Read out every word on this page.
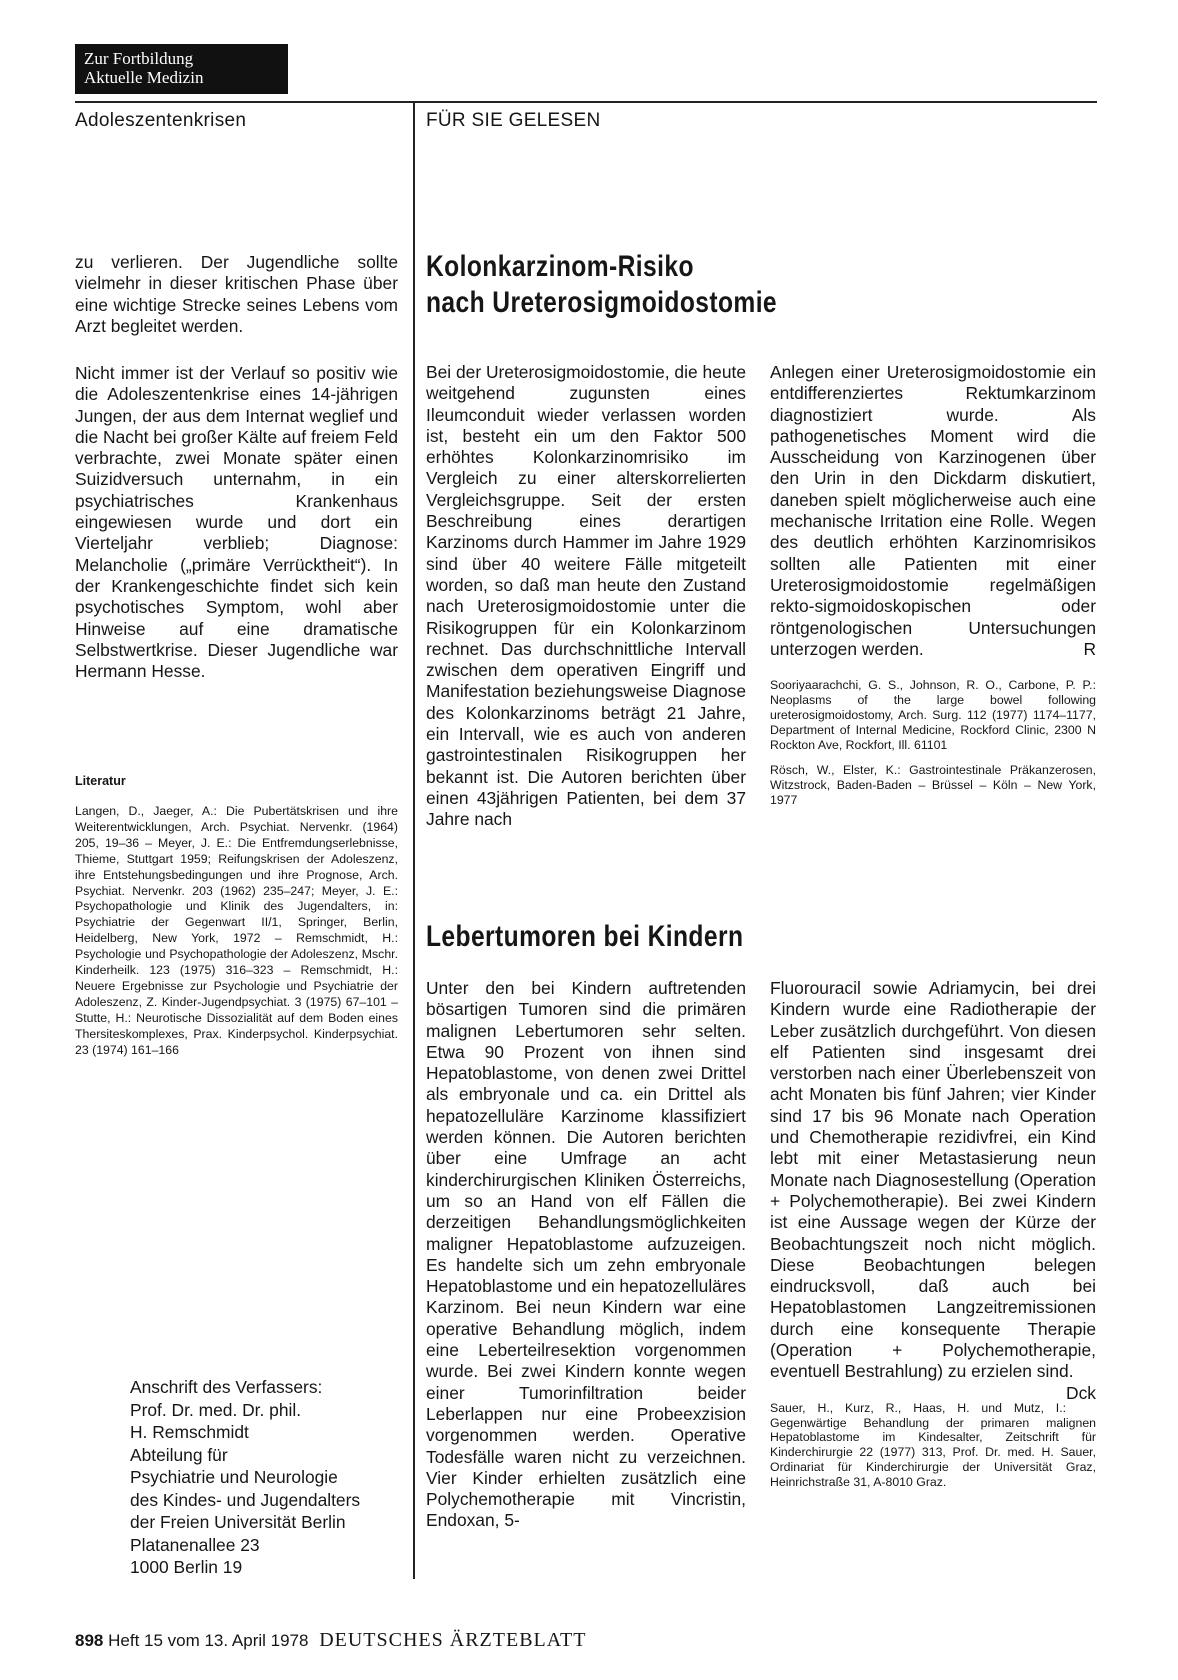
Zur Fortbildung
Aktuelle Medizin
Adoleszentenkrisen	FÜR SIE GELESEN

zu verlieren. Der Jugendliche sollte vielmehr in dieser kritischen Phase über eine wichtige Strecke seines Lebens vom Arzt begleitet werden.

Nicht immer ist der Verlauf so positiv wie die Adoleszentenkrise eines 14-jährigen Jungen, der aus dem Internat weglief und die Nacht bei großer Kälte auf freiem Feld verbrachte, zwei Monate später einen Suizidversuch unternahm, in ein psychiatrisches Krankenhaus eingewiesen wurde und dort ein Vierteljahr verblieb; Diagnose: Melancholie („primäre Verrücktheit“). In der Krankengeschichte findet sich kein psychotisches Symptom, wohl aber Hinweise auf eine dramatische Selbstwertkrise. Dieser Jugendliche war Hermann Hesse.

Literatur
Langen, D., Jaeger, A.: Die Pubertätskrisen und ihre Weiterentwicklungen, Arch. Psychiat. Nervenkr. (1964) 205, 19–36 – Meyer, J. E.: Die Entfremdungserlebnisse, Thieme, Stuttgart 1959; Reifungskrisen der Adoleszenz, ihre Entstehungsbedingungen und ihre Prognose, Arch. Psychiat. Nervenkr. 203 (1962) 235–247; Meyer, J. E.: Psychopathologie und Klinik des Jugendalters, in: Psychiatrie der Gegenwart II/1, Springer, Berlin, Heidelberg, New York, 1972 – Remschmidt, H.: Psychologie und Psychopathologie der Adoleszenz, Mschr. Kinderheilk. 123 (1975) 316–323 – Remschmidt, H.: Neuere Ergebnisse zur Psychologie und Psychiatrie der Adoleszenz, Z. Kinder-Jugendpsychiat. 3 (1975) 67–101 – Stutte, H.: Neurotische Dissozialität auf dem Boden eines Thersiteskomplexes, Prax. Kinderpsychol. Kinderpsychiat. 23 (1974) 161–166
Anschrift des Verfassers:
Prof. Dr. med. Dr. phil.
H. Remschmidt
Abteilung für
Psychiatrie und Neurologie
des Kindes- und Jugendalters
der Freien Universität Berlin
Platanenallee 23
1000 Berlin 19
Kolonkarzinom-Risiko
nach Ureterosigmoidostomie

Bei der Ureterosigmoidostomie, die heute weitgehend zugunsten eines Ileumconduit wieder verlassen worden ist, besteht ein um den Faktor 500 erhöhtes Kolonkarzinomrisiko im Vergleich zu einer alterskorrelierten Vergleichsgruppe. Seit der ersten Beschreibung eines derartigen Karzinoms durch Hammer im Jahre 1929 sind über 40 weitere Fälle mitgeteilt worden, so daß man heute den Zustand nach Ureterosigmoidostomie unter die Risikogruppen für ein Kolonkarzinom rechnet. Das durchschnittliche Intervall zwischen dem operativen Eingriff und Manifestation beziehungsweise Diagnose des Kolonkarzinoms beträgt 21 Jahre, ein Intervall, wie es auch von anderen gastrointestinalen Risikogruppen her bekannt ist. Die Autoren berichten über einen 43jährigen Patienten, bei dem 37 Jahre nach

Anlegen einer Ureterosigmoidostomie ein entdifferenziertes Rektumkarzinom diagnostiziert wurde. Als pathogenetisches Moment wird die Ausscheidung von Karzinogenen über den Urin in den Dickdarm diskutiert, daneben spielt möglicherweise auch eine mechanische Irritation eine Rolle. Wegen des deutlich erhöhten Karzinomrisikos sollten alle Patienten mit einer Ureterosigmoidostomie regelmäßigen rekto-sigmoidoskopischen oder röntgenologischen Untersuchungen unterzogen werden.	R

Sooriyaarachchi, G. S., Johnson, R. O., Carbone, P. P.: Neoplasms of the large bowel following ureterosigmoidostomy, Arch. Surg. 112 (1977) 1174–1177, Department of Internal Medicine, Rockford Clinic, 2300 N Rockton Ave, Rockfort, Ill. 61101

Rösch, W., Elster, K.: Gastrointestinale Präkanzerosen, Witzstrock, Baden-Baden – Brüssel – Köln – New York, 1977

Lebertumoren bei Kindern

Unter den bei Kindern auftretenden bösartigen Tumoren sind die primären malignen Lebertumoren sehr selten. Etwa 90 Prozent von ihnen sind Hepatoblastome, von denen zwei Drittel als embryonale und ca. ein Drittel als hepatozelluläre Karzinome klassifiziert werden können. Die Autoren berichten über eine Umfrage an acht kinderchirurgischen Kliniken Österreichs, um so an Hand von elf Fällen die derzeitigen Behandlungsmöglichkeiten maligner Hepatoblastome aufzuzeigen. Es handelte sich um zehn embryonale Hepatoblastome und ein hepatozelluläres Karzinom. Bei neun Kindern war eine operative Behandlung möglich, indem eine Leberteilresektion vorgenommen wurde. Bei zwei Kindern konnte wegen einer Tumorinfiltration beider Leberlappen nur eine Probeexzision vorgenommen werden. Operative Todesfälle waren nicht zu verzeichnen. Vier Kinder erhielten zusätzlich eine Polychemotherapie mit Vincristin, Endoxan, 5-

Fluorouracil sowie Adriamycin, bei drei Kindern wurde eine Radiotherapie der Leber zusätzlich durchgeführt. Von diesen elf Patienten sind insgesamt drei verstorben nach einer Überlebenszeit von acht Monaten bis fünf Jahren; vier Kinder sind 17 bis 96 Monate nach Operation und Chemotherapie rezidivfrei, ein Kind lebt mit einer Metastasierung neun Monate nach Diagnosestellung (Operation + Polychemotherapie). Bei zwei Kindern ist eine Aussage wegen der Kürze der Beobachtungszeit noch nicht möglich. Diese Beobachtungen belegen eindrucksvoll, daß auch bei Hepatoblastomen Langzeitremissionen durch eine konsequente Therapie (Operation + Polychemotherapie, eventuell Bestrahlung) zu erzielen sind.
Dck

Sauer, H., Kurz, R., Haas, H. und Mutz, I.: Gegenwärtige Behandlung der primaren malignen Hepatoblastome im Kindesalter, Zeitschrift für Kinderchirurgie 22 (1977) 313, Prof. Dr. med. H. Sauer, Ordinariat für Kinderchirurgie der Universität Graz, Heinrichstraße 31, A-8010 Graz.

898 Heft 15 vom 13. April 1978 DEUTSCHES ÄRZTEBLATT
